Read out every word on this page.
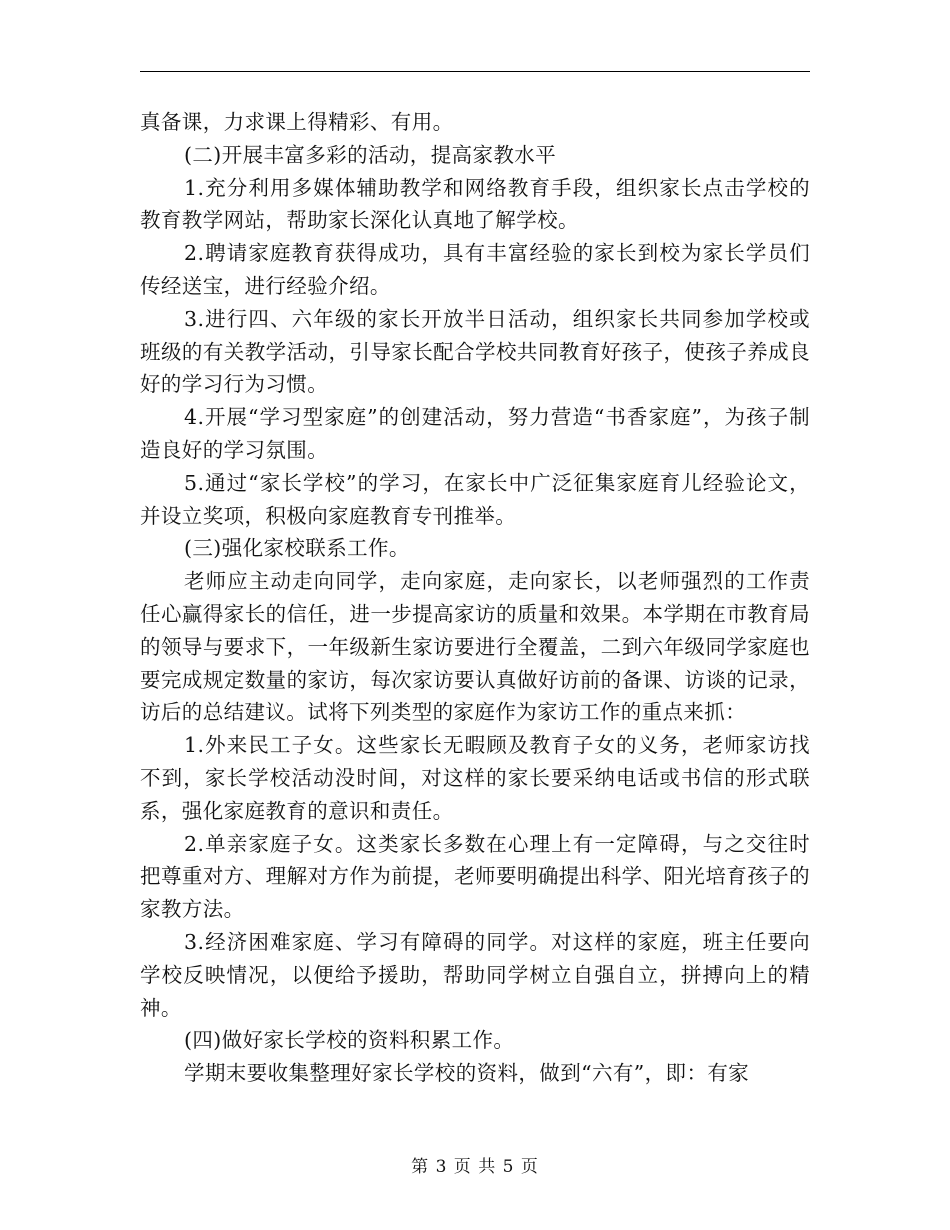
真备课，力求课上得精彩、有用。

(二)开展丰富多彩的活动，提高家教水平

1.充分利用多媒体辅助教学和网络教育手段，组织家长点击学校的教育教学网站，帮助家长深化认真地了解学校。

2.聘请家庭教育获得成功，具有丰富经验的家长到校为家长学员们传经送宝，进行经验介绍。

3.进行四、六年级的家长开放半日活动，组织家长共同参加学校或班级的有关教学活动，引导家长配合学校共同教育好孩子，使孩子养成良好的学习行为习惯。

4.开展“学习型家庭”的创建活动，努力营造“书香家庭”，为孩子制造良好的学习氛围。

5.通过“家长学校”的学习，在家长中广泛征集家庭育儿经验论文，并设立奖项，积极向家庭教育专刊推举。

(三)强化家校联系工作。

老师应主动走向同学，走向家庭，走向家长，以老师强烈的工作责任心赢得家长的信任，进一步提高家访的质量和效果。本学期在市教育局的领导与要求下，一年级新生家访要进行全覆盖，二到六年级同学家庭也要完成规定数量的家访，每次家访要认真做好访前的备课、访谈的记录，访后的总结建议。试将下列类型的家庭作为家访工作的重点来抓：

1.外来民工子女。这些家长无暇顾及教育子女的义务，老师家访找不到，家长学校活动没时间，对这样的家长要采纳电话或书信的形式联系，强化家庭教育的意识和责任。

2.单亲家庭子女。这类家长多数在心理上有一定障碍，与之交往时把尊重对方、理解对方作为前提，老师要明确提出科学、阳光培育孩子的家教方法。

3.经济困难家庭、学习有障碍的同学。对这样的家庭，班主任要向学校反映情况，以便给予援助，帮助同学树立自强自立，拼搏向上的精神。

(四)做好家长学校的资料积累工作。

学期末要收集整理好家长学校的资料，做到“六有”，即：有家

第 3 页 共 5 页
